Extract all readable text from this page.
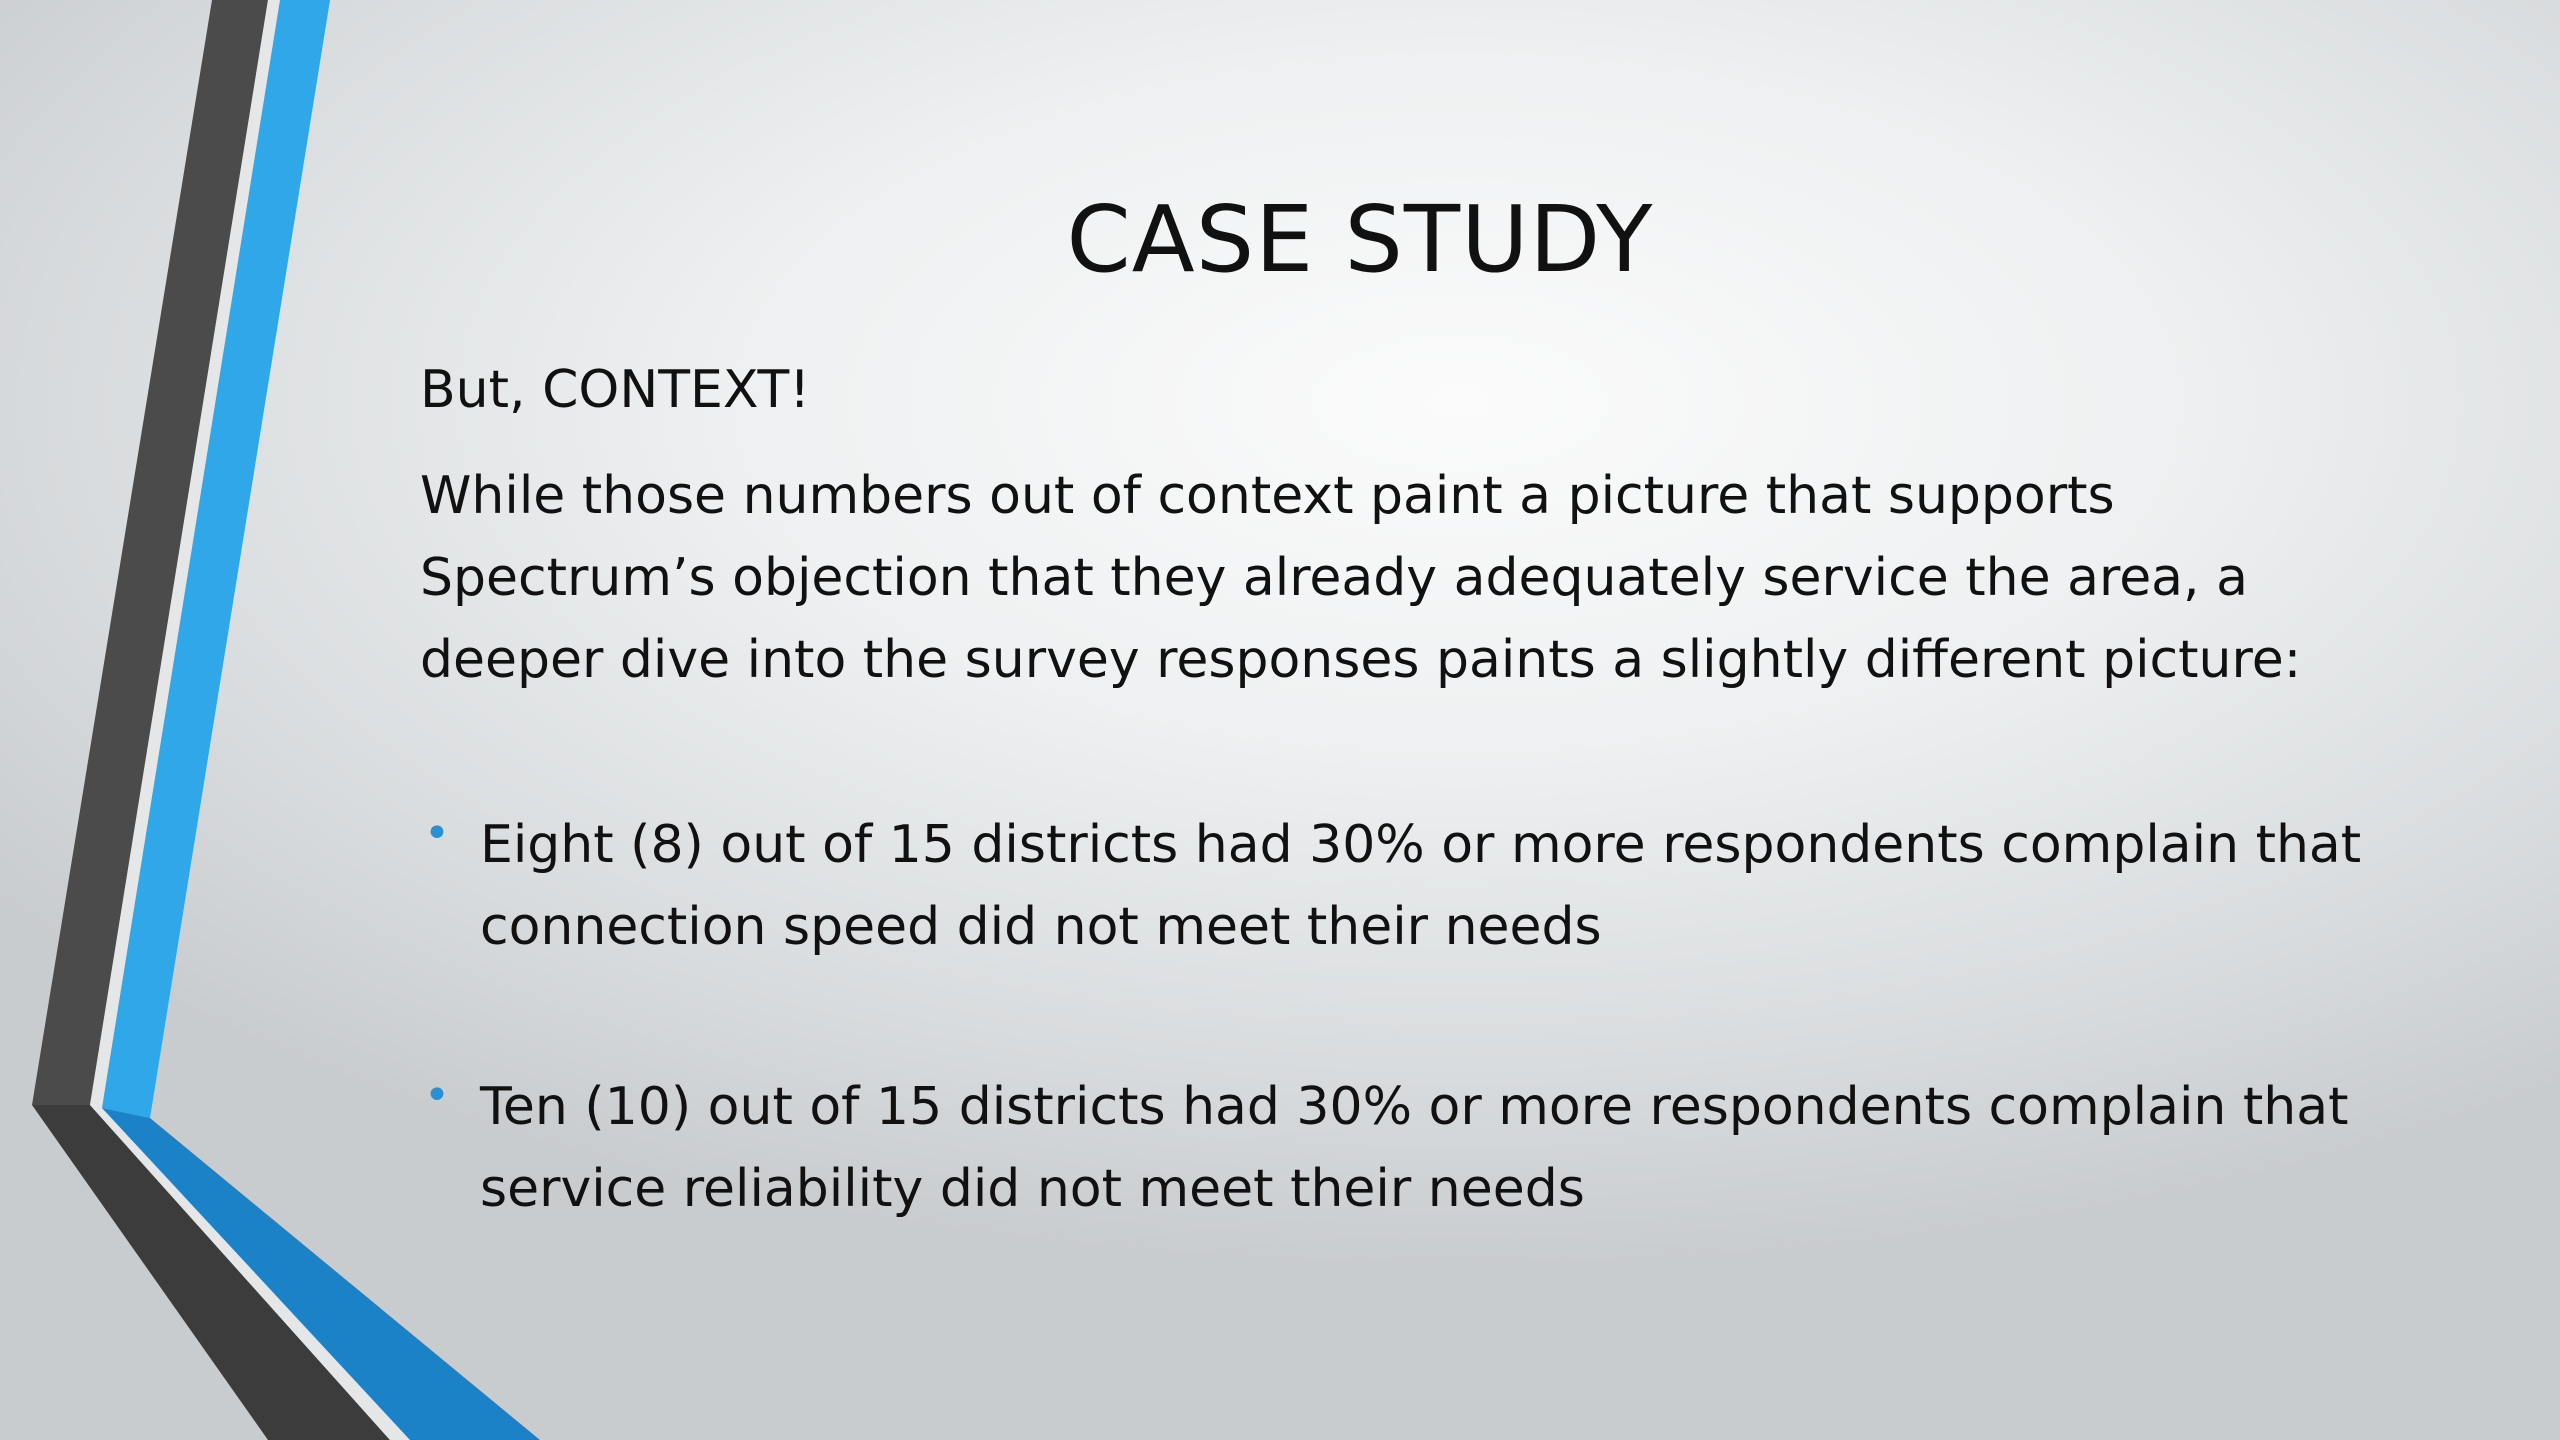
CASE STUDY
But, CONTEXT!
While those numbers out of context paint a picture that supports Spectrum’s objection that they already adequately service the area, a deeper dive into the survey responses paints a slightly different picture:
• Eight (8) out of 15 districts had 30% or more respondents complain that connection speed did not meet their needs
• Ten (10) out of 15 districts had 30% or more respondents complain that service reliability did not meet their needs
